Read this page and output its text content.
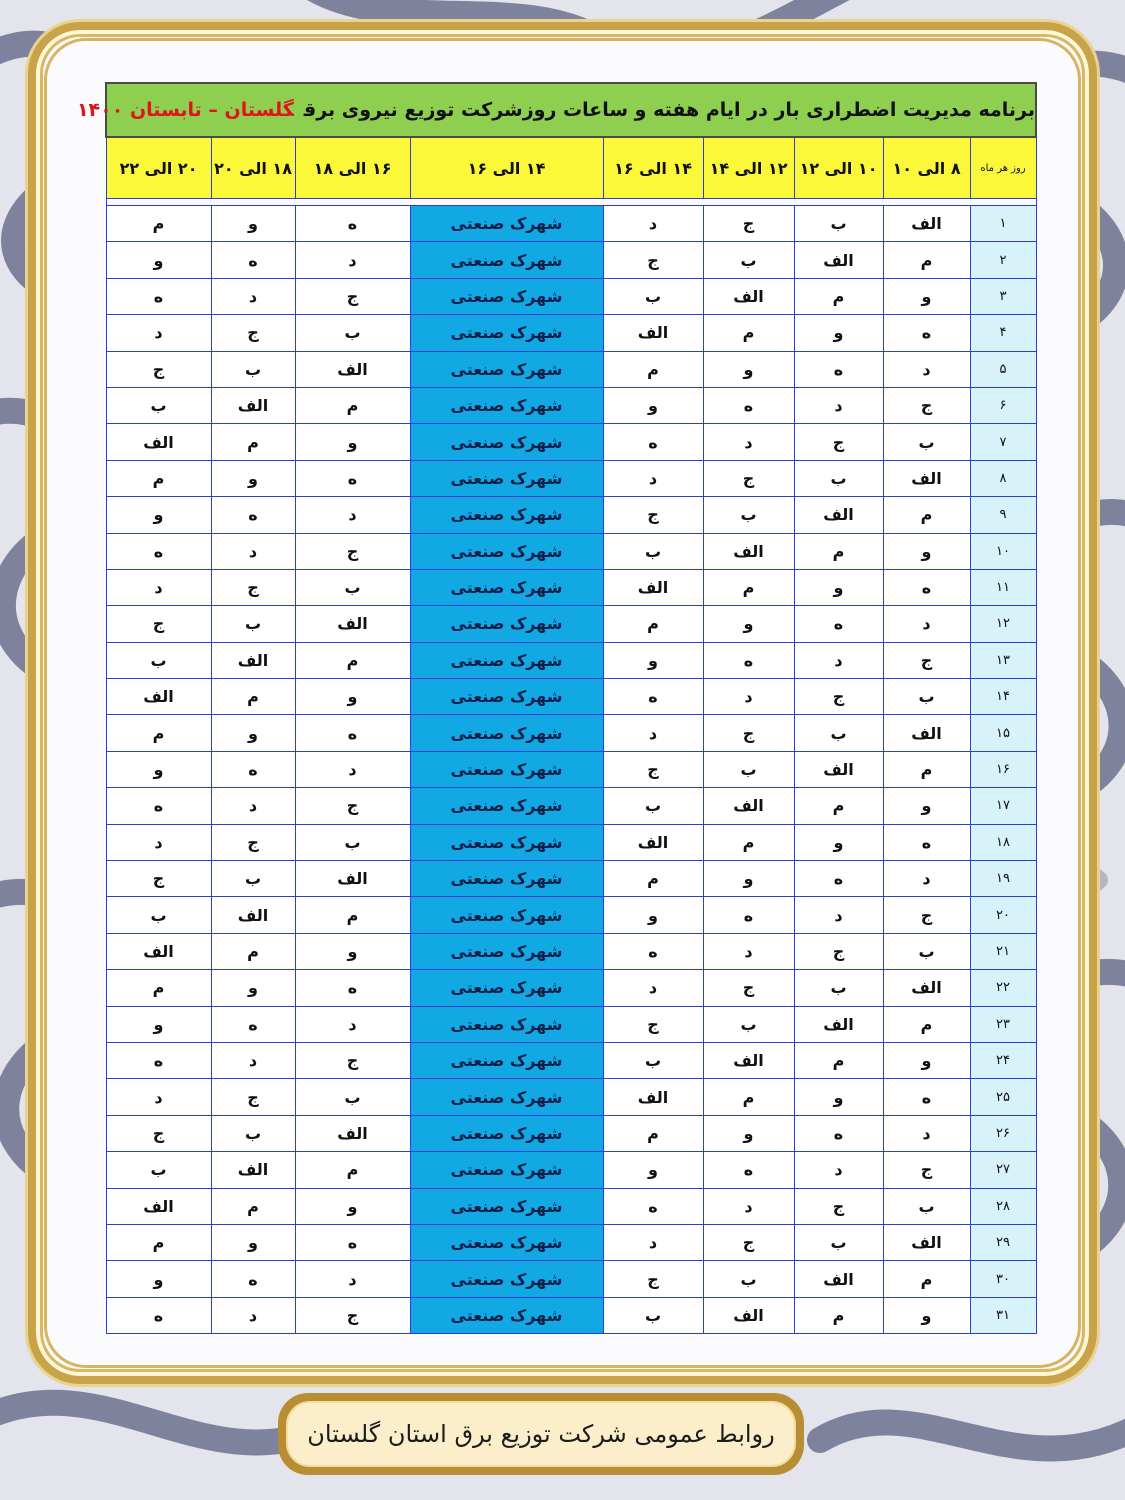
برنامه مدیریت اضطراری بار در ایام هفته و ساعات روزشرکت توزیع نیروی برقگلستان – تابستان ۱۴۰۰								
روز هر ماه	۸ الی ۱۰	۱۰ الی ۱۲	۱۲ الی ۱۴	۱۴ الی ۱۶	۱۴ الی ۱۶	۱۶ الی ۱۸	۱۸ الی ۲۰	۲۰ الی ۲۲

۱	الف	ب	ج	د	شهرک صنعتی	ه	و	م
۲	م	الف	ب	ج	شهرک صنعتی	د	ه	و
۳	و	م	الف	ب	شهرک صنعتی	ج	د	ه
۴	ه	و	م	الف	شهرک صنعتی	ب	ج	د
۵	د	ه	و	م	شهرک صنعتی	الف	ب	ج
۶	ج	د	ه	و	شهرک صنعتی	م	الف	ب
۷	ب	ج	د	ه	شهرک صنعتی	و	م	الف
۸	الف	ب	ج	د	شهرک صنعتی	ه	و	م
۹	م	الف	ب	ج	شهرک صنعتی	د	ه	و
۱۰	و	م	الف	ب	شهرک صنعتی	ج	د	ه
۱۱	ه	و	م	الف	شهرک صنعتی	ب	ج	د
۱۲	د	ه	و	م	شهرک صنعتی	الف	ب	ج
۱۳	ج	د	ه	و	شهرک صنعتی	م	الف	ب
۱۴	ب	ج	د	ه	شهرک صنعتی	و	م	الف
۱۵	الف	ب	ج	د	شهرک صنعتی	ه	و	م
۱۶	م	الف	ب	ج	شهرک صنعتی	د	ه	و
۱۷	و	م	الف	ب	شهرک صنعتی	ج	د	ه
۱۸	ه	و	م	الف	شهرک صنعتی	ب	ج	د
۱۹	د	ه	و	م	شهرک صنعتی	الف	ب	ج
۲۰	ج	د	ه	و	شهرک صنعتی	م	الف	ب
۲۱	ب	ج	د	ه	شهرک صنعتی	و	م	الف
۲۲	الف	ب	ج	د	شهرک صنعتی	ه	و	م
۲۳	م	الف	ب	ج	شهرک صنعتی	د	ه	و
۲۴	و	م	الف	ب	شهرک صنعتی	ج	د	ه
۲۵	ه	و	م	الف	شهرک صنعتی	ب	ج	د
۲۶	د	ه	و	م	شهرک صنعتی	الف	ب	ج
۲۷	ج	د	ه	و	شهرک صنعتی	م	الف	ب
۲۸	ب	ج	د	ه	شهرک صنعتی	و	م	الف
۲۹	الف	ب	ج	د	شهرک صنعتی	ه	و	م
۳۰	م	الف	ب	ج	شهرک صنعتی	د	ه	و
۳۱	و	م	الف	ب	شهرک صنعتی	ج	د	ه
روابط عمومی شرکت توزیع برق استان گلستان
